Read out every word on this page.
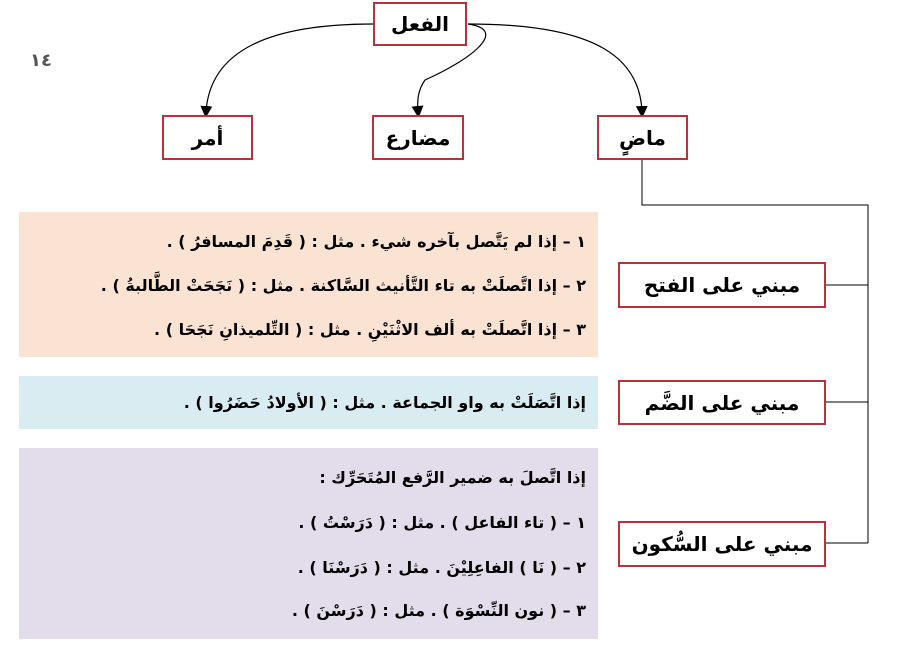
١٤
الفعل
أمر	مضارع	ماضٍ
مبني على الفتح
مبني على الضَّم
مبني على السُّكون
١ – إذا لم يَتَّصل بآخره شيء . مثل : ( قَدِمَ المسافرُ ) .
٢ – إذا اتَّصلَتْ به تاء التَّأنيث السَّاكنة . مثل : ( نَجَحَتْ الطَّالبةُ ) .
٣ – إذا اتَّصلَتْ به ألف الاثْنَيْنِ . مثل : ( التِّلميذانِ نَجَحَا ) .
إذا اتَّصَلَتْ به واو الجماعة . مثل : ( الأولادُ حَضَرُوا ) .
إذا اتَّصلَ به ضمير الرَّفع المُتَحَرِّك :
١ – ( تاء الفاعل ) . مثل : ( دَرَسْتُ ) .
٢ – ( نَا ) الفاعِلِيْنَ . مثل : ( دَرَسْنَا ) .
٣ – ( نون النِّسْوَة ) . مثل : ( دَرَسْنَ ) .
